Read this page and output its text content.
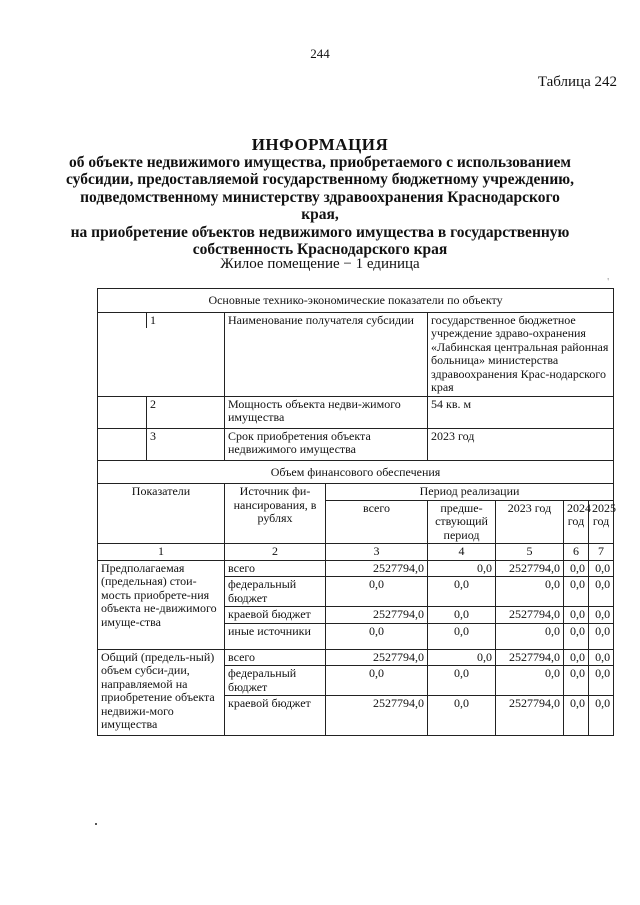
244
Таблица 242
ИНФОРМАЦИЯ
об объекте недвижимого имущества, приобретаемого с использованием
субсидии, предоставляемой государственному бюджетному учреждению,
подведомственному министерству здравоохранения Краснодарского края,
на приобретение объектов недвижимого имущества в государственную
собственность Краснодарского края
Жилое помещение − 1 единица
'
Основные технико-экономические показатели по объекту						

1	Наименование получателя субсидии		государственное бюджетное учреждение здраво-охранения «Лабинская центральная районная больница» министерства здравоохранения Крас-нодарского края			

2	Мощность объекта недви-жимого имущества		54 кв. м			

3	Срок приобретения объекта недвижимого имущества		2023 год			
Объем финансового обеспечения						
Показатели	Источник фи-нансирования, в рублях	Период реализации				
		всего	предше-ствующий период	2023 год	2024 год	2025 год
1	2	3	4	5	6	7
Предполагаемая (предельная) стои-мость приобрете-ния объекта не-движимого имуще-ства	всего	2527794,0	0,0	2527794,0	0,0	0,0
	федеральный бюджет	0,0	0,0	0,0	0,0	0,0
	краевой бюджет	2527794,0	0,0	2527794,0	0,0	0,0
	иные источники	0,0	0,0	0,0	0,0	0,0
Общий (предель-ный) объем субси-дии, направляемой на приобретение объекта недвижи-мого имущества	всего	2527794,0	0,0	2527794,0	0,0	0,0
	федеральный бюджет	0,0	0,0	0,0	0,0	0,0
	краевой бюджет	2527794,0	0,0	2527794,0	0,0	0,0
